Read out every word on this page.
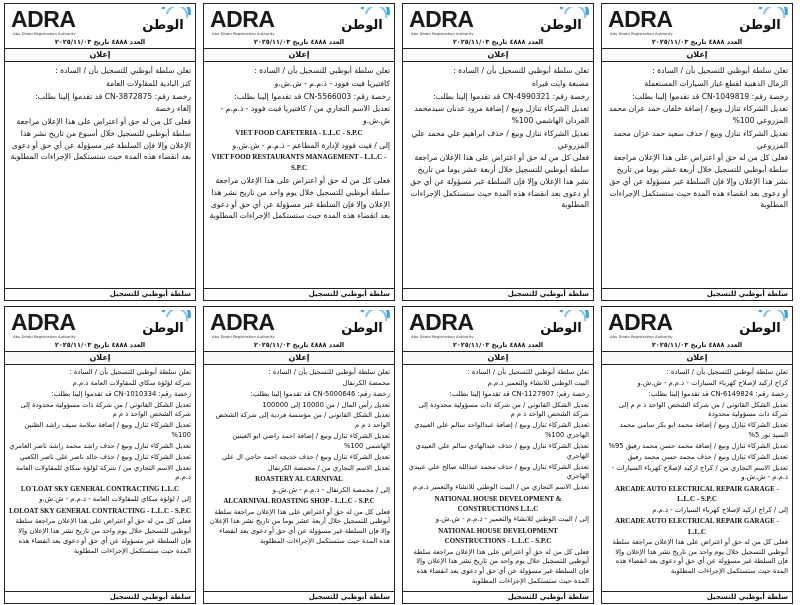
ADRA
Abu Dhabi Registration Authority
الوطن
العدد ٤٨٨٨ تاريخ ٢٠٢٥/١١/٠٣
إعلان

تعلن سلطة أبوظبي للتسجيل بأن / السادة :

الرمال الذهبية لقطع غيار السيارات المستعملة

رخصة رقم: CN-1049819 قد تقدموا إلينا بطلب:

تعديل الشركاء تنازل وبيع / إضافة خلفان حمد عزان محمد المزروعي 100%

تعديل الشركاء تنازل وبيع / حذف سعيد حمد عزان محمد المزروعي

فعلى كل من له حق أو اعتراض على هذا الإعلان مراجعة سلطة أبوظبي للتسجيل خلال أربعة عشر يوما من تاريخ نشر هذا الإعلان وإلا فإن السلطة غير مسؤولة عن أي حق أو دعوى بعد انقضاء هذه المدة حيث ستستكمل الإجراءات المطلوبة

سلطة أبوظبي للتسجيل
ADRA
Abu Dhabi Registration Authority
الوطن
العدد ٤٨٨٨ تاريخ ٢٠٢٥/١١/٠٣
إعلان

تعلن سلطة أبوظبي للتسجيل بأن / السادة :

مصبغة وايت فيراه

رخصة رقم: CN-4990321 قد تقدموا إلينا بطلب:

تعديل الشركاء تنازل وبيع / إضافة مرود عدنان سيدمحمد الفردان الهاشمي 100%

تعديل الشركاء تنازل وبيع / حذف ابراهيم علي محمد علي المزروعي

فعلى كل من له حق أو اعتراض على هذا الإعلان مراجعة سلطة أبوظبي للتسجيل خلال أربعة عشر يوما من تاريخ نشر هذا الإعلان وإلا فإن السلطة غير مسؤولة عن أي حق أو دعوى بعد انقضاء هذه المدة حيث ستستكمل الإجراءات المطلوبة

سلطة أبوظبي للتسجيل
ADRA
Abu Dhabi Registration Authority
الوطن
العدد ٤٨٨٨ تاريخ ٢٠٢٥/١١/٠٣
إعلان

تعلن سلطة أبوظبي للتسجيل بأن / السادة :

كافتيريا فيت فوود - ذ.م.م - ش.ش.و

رخصة رقم: CN-5566003 قد تقدموا إلينا بطلب:

تعديل الاسم التجاري من / كافتيريا فيت فوود - ذ.م.م - ش.ش.و

VIET FOOD CAFETERIA - L.L.C - S.P.C

إلى / فيت فوود لإدارة المطاعم - ذ.م.م - ش.ش.و

VIET FOOD RESTAURANTS MANAGEMENT - L.L.C - S.P.C

فعلى كل من له حق أو اعتراض على هذا الإعلان مراجعة سلطة أبوظبي للتسجيل خلال يوم واحد من تاريخ نشر هذا الإعلان وإلا فإن السلطة غير مسؤولة عن أي حق أو دعوى بعد انقضاء هذه المدة حيث ستستكمل الإجراءات المطلوبة

سلطة أبوظبي للتسجيل
ADRA
Abu Dhabi Registration Authority
الوطن
العدد ٤٨٨٨ تاريخ ٢٠٢٥/١١/٠٣
إعلان

تعلن سلطة أبوظبي للتسجيل بأن / السادة :

كنز البادية للمقاولات العامة

رخصة رقم: CN-3872875 قد تقدموا إلينا بطلب:

إلغاء رخصة

فعلى كل من له حق أو اعتراض على هذا الإعلان مراجعة سلطة أبوظبي للتسجيل خلال أسبوع من تاريخ نشر هذا الإعلان وإلا فإن السلطة غير مسؤولة عن أي حق أو دعوى بعد انقضاء هذه المدة حيث ستستكمل الإجراءات المطلوبة

سلطة أبوظبي للتسجيل
ADRA
Abu Dhabi Registration Authority
الوطن
العدد ٤٨٨٨ تاريخ ٢٠٢٥/١١/٠٣
إعلان

تعلن سلطة أبوظبي للتسجيل بأن / السادة :

كراج اركيد لإصلاح كهرباء السيارات - ذ.م.م - ش.ش.و

رخصة رقم: CN-6149824 قد تقدموا إلينا بطلب:

تعديل الشكل القانوني / من شركة الشخص الواحد ذ م م إلى شركة ذات مسؤولية محدودة

تعديل الشركاء تنازل وبيع / إضافة محمد ابو بكر سامي محمد السيد نور 5%

تعديل الشركاء تنازل وبيع / إضافة محمد حسن محمد رفيق 95%

تعديل الشركاء تنازل وبيع / حذف محمد حسن محمد رفيق

تعديل الاسم التجاري من / كراج اركيد لإصلاح كهرباء السيارات - ذ.م.م - ش.ش.و

ARCADE AUTO ELECTRICAL REPAIR GARAGE - L.L.C - S.P.C

إلى / كراج اركيد لإصلاح كهرباء السيارات - ذ.م.م

ARCADE AUTO ELECTRICAL REPAIR GARAGE - L.L.C

فعلى كل من له حق أو اعتراض على هذا الإعلان مراجعة سلطة أبوظبي للتسجيل خلال يوم واحد من تاريخ نشر هذا الإعلان وإلا فإن السلطة غير مسؤولة عن أي حق أو دعوى بعد انقضاء هذه المدة حيث ستستكمل الإجراءات المطلوبة

سلطة أبوظبي للتسجيل
ADRA
Abu Dhabi Registration Authority
الوطن
العدد ٤٨٨٨ تاريخ ٢٠٢٥/١١/٠٣
إعلان

تعلن سلطة أبوظبي للتسجيل بأن / السادة :

البيت الوطني للانشاء والتعمير ذ.م.م

رخصة رقم: CN-1127907 قد تقدموا إلينا بطلب:

تعديل الشكل القانوني / من شركة ذات مسؤولية محدودة إلى شركة الشخص الواحد ذ م م

تعديل الشركاء تنازل وبيع / إضافة عبدالواحد سالم علي العبيدي الهاجري 100%

تعديل الشركاء تنازل وبيع / حذف عبدالهادي سالم علي العبيدي الهاجري

تعديل الشركاء تنازل وبيع / حذف محمد عبدالله صالح علي عبيدي الهاجري

تعديل الاسم التجاري من / البيت الوطني للانشاء والتعمير ذ.م.م

NATIONAL HOUSE DEVELOPMENT & CONSTRUCTIONS L.L.C

إلى / البيت الوطني للانشاء والتعمير - ذ.م.م - ش.ش.و

NATIONAL HOUSE DEVELOPMENT CONSTRUCTIONS - L.L.C - S.P.C

فعلى كل من له حق أو اعتراض على هذا الإعلان مراجعة سلطة أبوظبي للتسجيل خلال يوم واحد من تاريخ نشر هذا الإعلان وإلا فإن السلطة غير مسؤولة عن أي حق أو دعوى بعد انقضاء هذه المدة حيث ستستكمل الإجراءات المطلوبة

سلطة أبوظبي للتسجيل
ADRA
Abu Dhabi Registration Authority
الوطن
العدد ٤٨٨٨ تاريخ ٢٠٢٥/١١/٠٣
إعلان

تعلن سلطة أبوظبي للتسجيل بأن / السادة :

محمصة الكرنفال

رخصة رقم: CN-5000646 قد تقدموا إلينا بطلب:

تعديل رأس المال / من 10000 إلى 100000

تعديل الشكل القانوني / من مؤسسة فردية إلى شركة الشخص الواحد ذ م م

تعديل الشركاء تنازل وبيع / إضافة احمد راضي ابو العينين الهاشمي 100%

تعديل الشركاء تنازل وبيع / حذف خديجه احمد حاجي ال علي

تعديل الاسم التجاري من / محمصة الكرنفال

ROASTERY AL CARNIVAL

إلى / محمصة الكرنفال - ذ.م.م - ش.ش.و

ALCARNIVAL ROASTING SHOP - L.L.C - S.P.C

فعلى كل من له حق أو اعتراض على هذا الإعلان مراجعة سلطة أبوظبي للتسجيل خلال أربعة عشر يوما من تاريخ نشر هذا الإعلان وإلا فإن السلطة غير مسؤولة عن أي حق أو دعوى بعد انقضاء هذه المدة حيث ستستكمل الإجراءات المطلوبة

سلطة أبوظبي للتسجيل
ADRA
Abu Dhabi Registration Authority
الوطن
العدد ٤٨٨٨ تاريخ ٢٠٢٥/١١/٠٣
إعلان

تعلن سلطة أبوظبي للتسجيل بأن / السادة :

شركة لؤلؤة سكاي للمقاولات العامة ذ.م.م

رخصة رقم: CN-1010334 قد تقدموا إلينا بطلب:

تعديل الشكل القانوني / من شركة ذات مسؤولية محدودة إلى شركة الشخص الواحد ذ م م

تعديل الشركاء تنازل وبيع / إضافة سلامة سيف راشد الظنين 100%

تعديل الشركاء تنازل وبيع / حذف راشد محمد راشد ناصر العامري

تعديل الشركاء تنازل وبيع / حذف خالد ناصر علي ناصر الكعبي

تعديل الاسم التجاري من / شركة لؤلؤة سكاي للمقاولات العامة ذ.م.م

LO`LOAT SKY GENERAL CONTRACTING L.L.C

إلى / لؤلؤة سكاي للمقاولات العامة - ذ.م.م - ش.ش.و

LOLOAT SKY GENERAL CONTRACTING - L.L.C - S.P.C

فعلى كل من له حق أو اعتراض على هذا الإعلان مراجعة سلطة أبوظبي للتسجيل خلال يوم واحد من تاريخ نشر هذا الإعلان وإلا فإن السلطة غير مسؤولة عن أي حق أو دعوى بعد انقضاء هذه المدة حيث ستستكمل الإجراءات المطلوبة

سلطة أبوظبي للتسجيل
